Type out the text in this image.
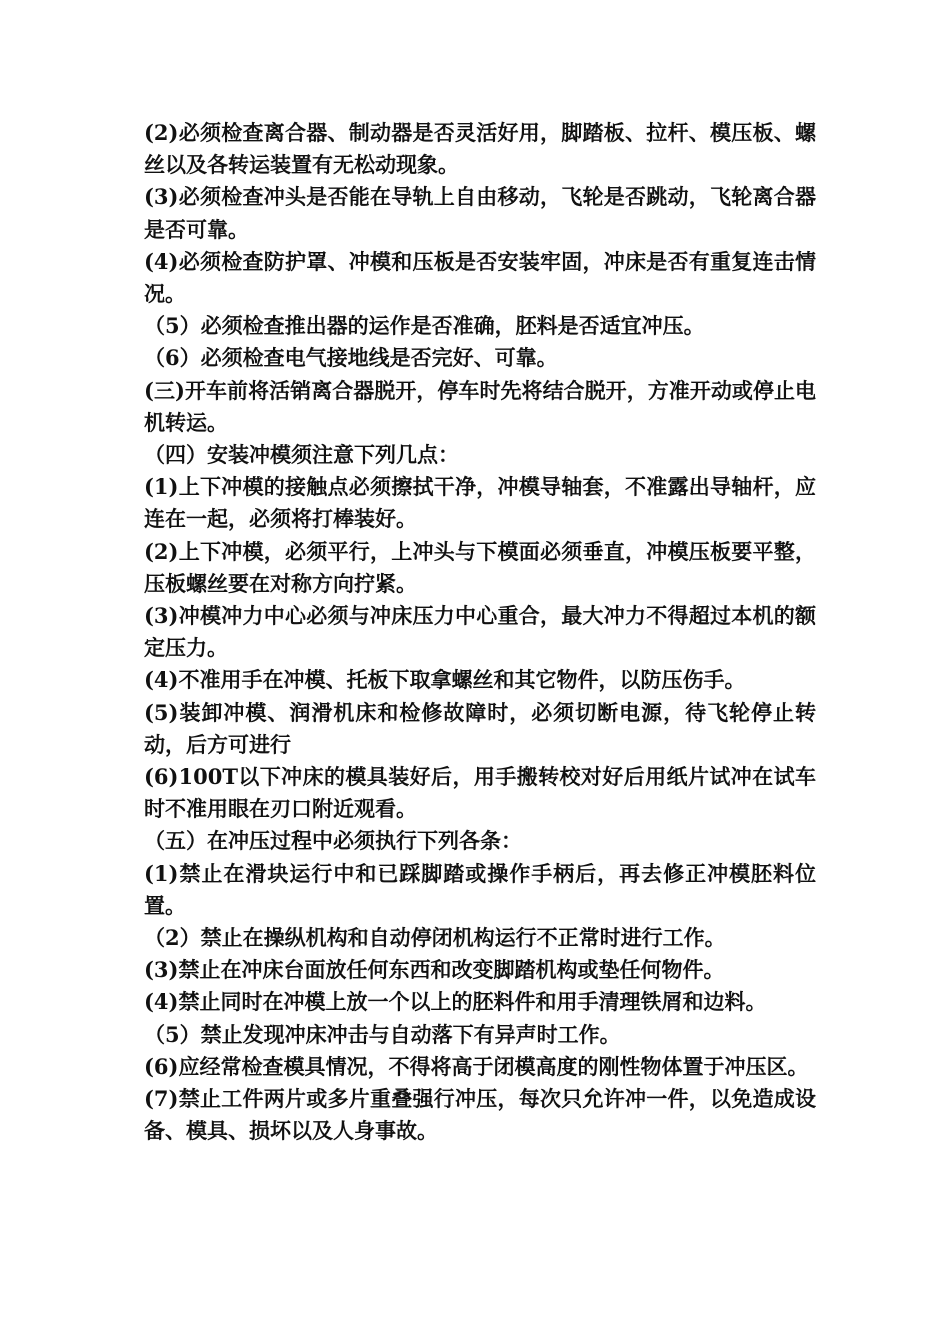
(2)必须检查离合器、制动器是否灵活好用，脚踏板、拉杆、模压板、螺丝以及各转运装置有无松动现象。

(3)必须检查冲头是否能在导轨上自由移动，飞轮是否跳动，飞轮离合器是否可靠。

(4)必须检查防护罩、冲模和压板是否安装牢固，冲床是否有重复连击情况。

（5）必须检查推出器的运作是否准确，胚料是否适宜冲压。

（6）必须检查电气接地线是否完好、可靠。

(三)开车前将活销离合器脱开，停车时先将结合脱开，方准开动或停止电机转运。

（四）安装冲模须注意下列几点：

(1)上下冲模的接触点必须擦拭干净，冲模导轴套，不准露出导轴杆，应连在一起，必须将打棒装好。

(2)上下冲模，必须平行，上冲头与下模面必须垂直，冲模压板要平整，压板螺丝要在对称方向拧紧。

(3)冲模冲力中心必须与冲床压力中心重合，最大冲力不得超过本机的额定压力。

(4)不准用手在冲模、托板下取拿螺丝和其它物件，以防压伤手。

(5)装卸冲模、润滑机床和检修故障时，必须切断电源，待飞轮停止转动，后方可进行

(6)100T以下冲床的模具装好后，用手搬转校对好后用纸片试冲在试车时不准用眼在刃口附近观看。

（五）在冲压过程中必须执行下列各条：

(1)禁止在滑块运行中和已踩脚踏或操作手柄后，再去修正冲模胚料位置。

（2）禁止在操纵机构和自动停闭机构运行不正常时进行工作。

(3)禁止在冲床台面放任何东西和改变脚踏机构或垫任何物件。

(4)禁止同时在冲模上放一个以上的胚料件和用手清理铁屑和边料。

（5）禁止发现冲床冲击与自动落下有异声时工作。

(6)应经常检查模具情况，不得将高于闭模高度的刚性物体置于冲压区。

(7)禁止工件两片或多片重叠强行冲压，每次只允许冲一件，以免造成设备、模具、损坏以及人身事故。
